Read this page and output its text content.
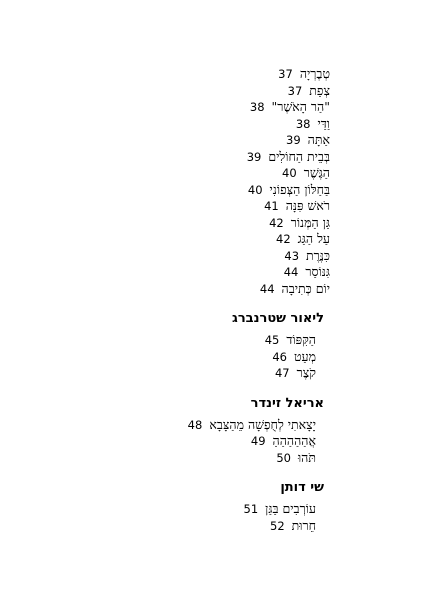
טְבֶרְיָה
37
צְפַת
37
"הַר הָאֹשֶׁר"
38
וַדַּי
38
אַתָּה
39
בְּבֵית הַחוֹלִים
39
הַגֶּשֶׁר
40
בַּחַלּוֹן הַצְּפוֹנִי
40
רֹאשׁ פִּנָּה
41
גַּן הַמְּנוֹר
42
עַל הַגַּג
42
כִּנֶּרֶת
43
גִּנּוֹסַר
44
יוֹם כְּתִיבָה
44
ליאור שטרנברג
הַקִּפּוֹד
45
מְעַט
46
קֹצֶר
47
אריאל זינדר
יָצָאתִי לְחֻפְשָׁה מֵהַצָּבָא
48
אֲהַהַהַהַהַ
49
תֹּהוּ
50
שי דותן
עוֹרְבִים בַּגַּן
51
חֵרוּת
52
